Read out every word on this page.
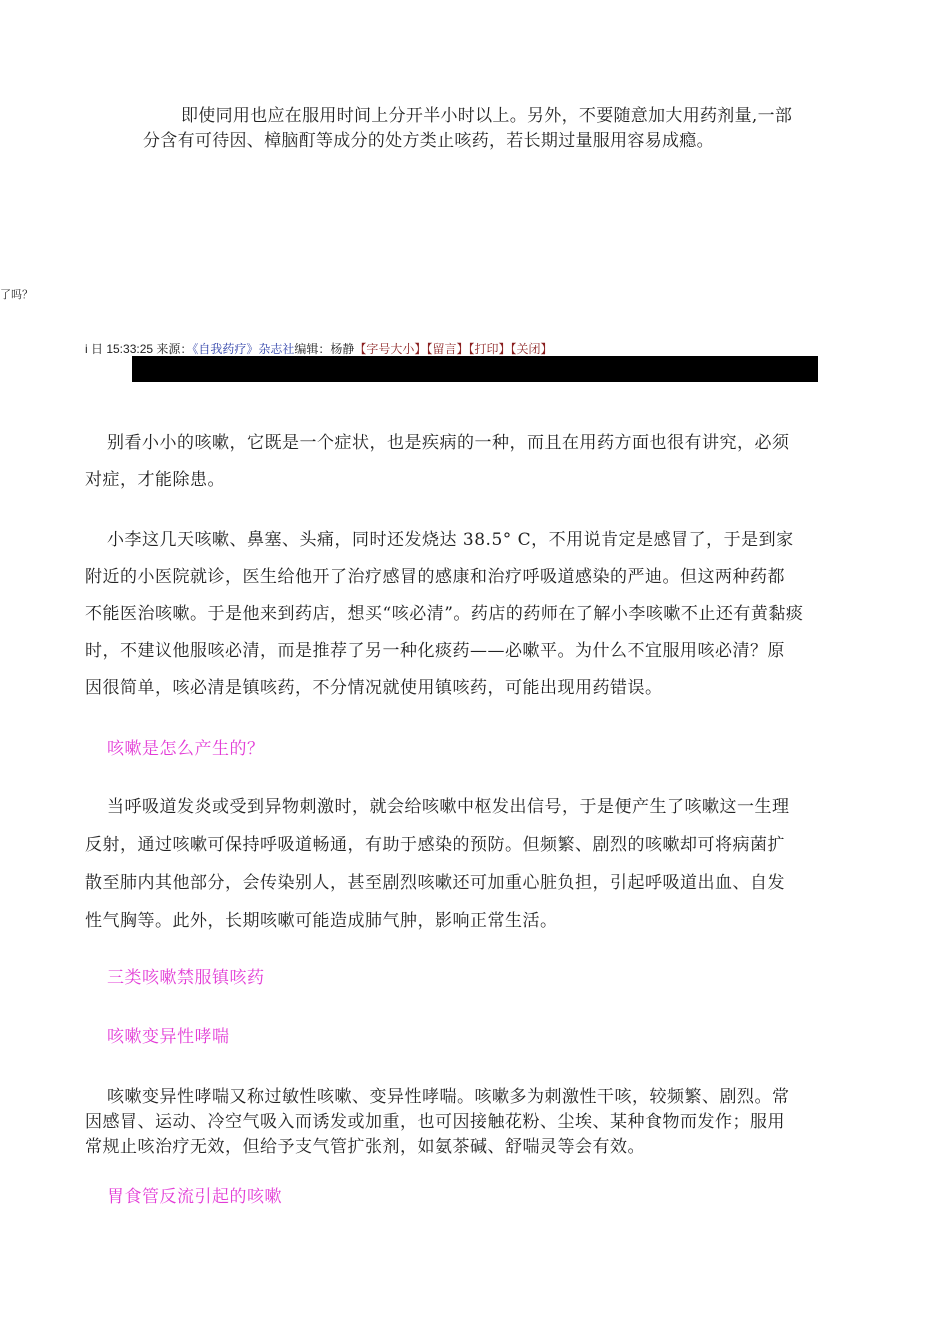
即使同用也应在服用时间上分开半小时以上。另外，不要随意加大用药剂量,一部
分含有可待因、樟脑酊等成分的处方类止咳药，若长期过量服用容易成瘾。
了吗？
i 日 15:33:25 来源：《自我药疗》杂志社编辑：杨静【字号大小】【留言】【打印】【关闭】
别看小小的咳嗽，它既是一个症状，也是疾病的一种，而且在用药方面也很有讲究，必须
对症，才能除患。
小李这几天咳嗽、鼻塞、头痛，同时还发烧达 38.5° C，不用说肯定是感冒了，于是到家
附近的小医院就诊，医生给他开了治疗感冒的感康和治疗呼吸道感染的严迪。但这两种药都
不能医治咳嗽。于是他来到药店，想买“咳必清”。药店的药师在了解小李咳嗽不止还有黄黏痰
时，不建议他服咳必清，而是推荐了另一种化痰药——必嗽平。为什么不宜服用咳必清？原
因很简单，咳必清是镇咳药，不分情况就使用镇咳药，可能出现用药错误。
咳嗽是怎么产生的？
当呼吸道发炎或受到异物刺激时，就会给咳嗽中枢发出信号，于是便产生了咳嗽这一生理
反射，通过咳嗽可保持呼吸道畅通，有助于感染的预防。但频繁、剧烈的咳嗽却可将病菌扩
散至肺内其他部分，会传染别人，甚至剧烈咳嗽还可加重心脏负担，引起呼吸道出血、自发
性气胸等。此外，长期咳嗽可能造成肺气肿，影响正常生活。
三类咳嗽禁服镇咳药
咳嗽变异性哮喘
咳嗽变异性哮喘又称过敏性咳嗽、变异性哮喘。咳嗽多为刺激性干咳，较频繁、剧烈。常
因感冒、运动、冷空气吸入而诱发或加重，也可因接触花粉、尘埃、某种食物而发作；服用
常规止咳治疗无效，但给予支气管扩张剂，如氨茶碱、舒喘灵等会有效。
胃食管反流引起的咳嗽
